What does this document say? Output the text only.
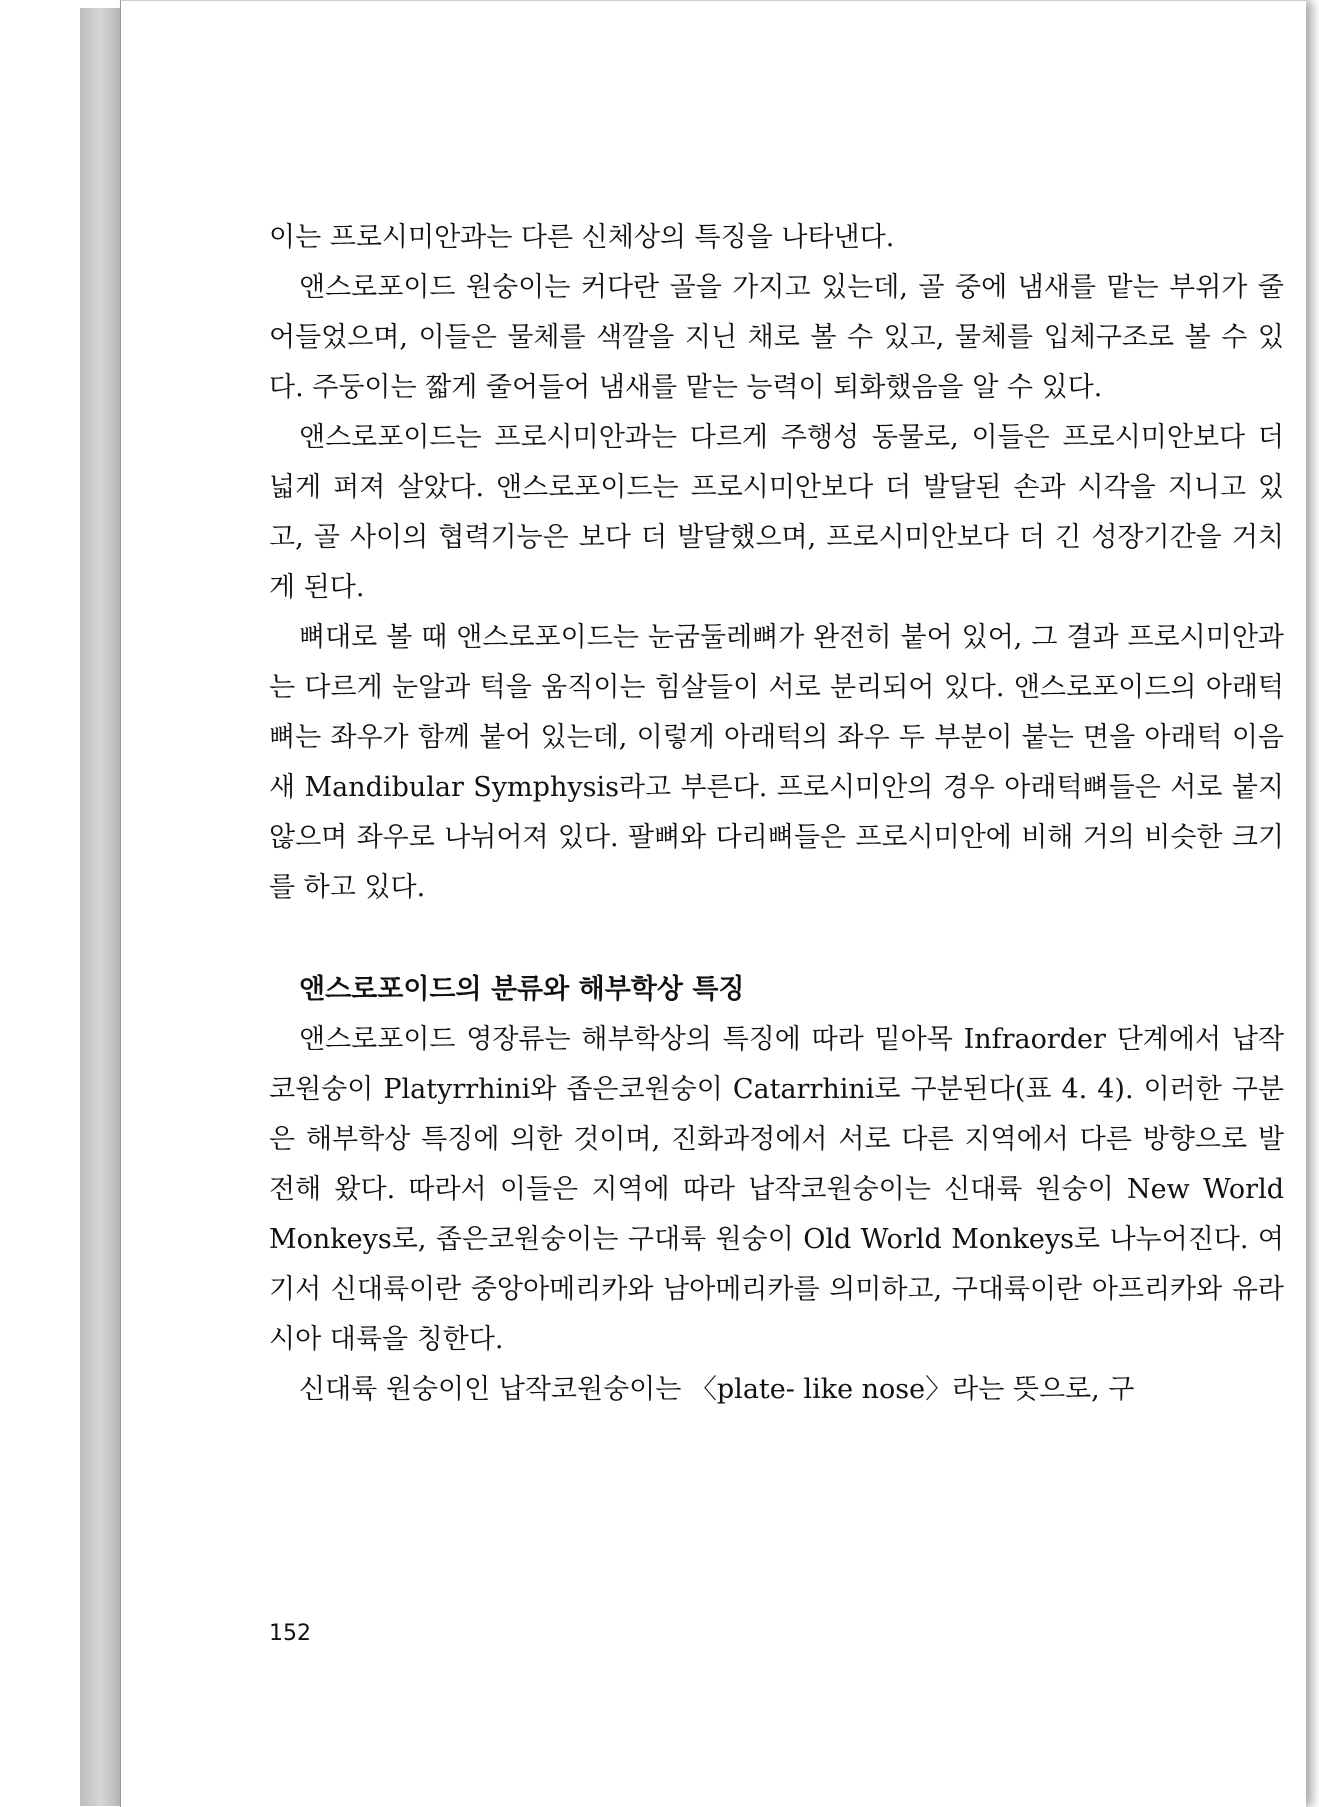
이는 프로시미안과는 다른 신체상의 특징을 나타낸다.

앤스로포이드 원숭이는 커다란 골을 가지고 있는데, 골 중에 냄새를 맡는 부위가 줄어들었으며, 이들은 물체를 색깔을 지닌 채로 볼 수 있고, 물체를 입체구조로 볼 수 있다. 주둥이는 짧게 줄어들어 냄새를 맡는 능력이 퇴화했음을 알 수 있다.

앤스로포이드는 프로시미안과는 다르게 주행성 동물로, 이들은 프로시미안보다 더 넓게 퍼져 살았다. 앤스로포이드는 프로시미안보다 더 발달된 손과 시각을 지니고 있고, 골 사이의 협력기능은 보다 더 발달했으며, 프로시미안보다 더 긴 성장기간을 거치게 된다.

뼈대로 볼 때 앤스로포이드는 눈굼둘레뼈가 완전히 붙어 있어, 그 결과 프로시미안과는 다르게 눈알과 턱을 움직이는 힘살들이 서로 분리되어 있다. 앤스로포이드의 아래턱뼈는 좌우가 함께 붙어 있는데, 이렇게 아래턱의 좌우 두 부분이 붙는 면을 아래턱 이음새 Mandibular Symphysis라고 부른다. 프로시미안의 경우 아래턱뼈들은 서로 붙지 않으며 좌우로 나뉘어져 있다. 팔뼈와 다리뼈들은 프로시미안에 비해 거의 비슷한 크기를 하고 있다.

앤스로포이드의 분류와 해부학상 특징

앤스로포이드 영장류는 해부학상의 특징에 따라 밑아목 Infraorder 단계에서 납작코원숭이 Platyrrhini와 좁은코원숭이 Catarrhini로 구분된다(표 4. 4). 이러한 구분은 해부학상 특징에 의한 것이며, 진화과정에서 서로 다른 지역에서 다른 방향으로 발전해 왔다. 따라서 이들은 지역에 따라 납작코원숭이는 신대륙 원숭이 New World Monkeys로, 좁은코원숭이는 구대륙 원숭이 Old World Monkeys로 나누어진다. 여기서 신대륙이란 중앙아메리카와 남아메리카를 의미하고, 구대륙이란 아프리카와 유라시아 대륙을 칭한다.

신대륙 원숭이인 납작코원숭이는 〈plate- like nose〉라는 뜻으로, 구

152
